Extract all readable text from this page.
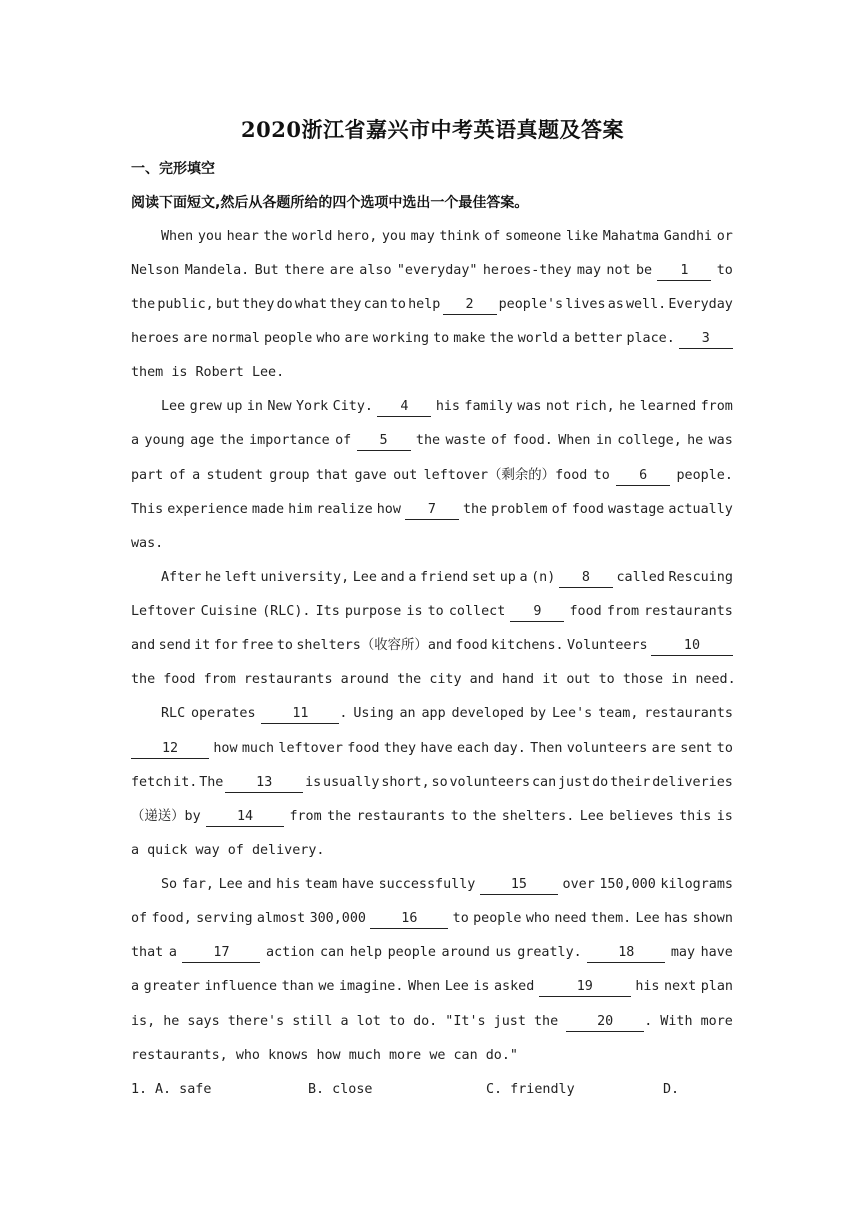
2020浙江省嘉兴市中考英语真题及答案
一、完形填空
阅读下面短文,然后从各题所给的四个选项中选出一个最佳答案。
When you hear the world hero, you may think of someone like Mahatma Gandhi or
Nelson Mandela. But there are also "everyday" heroes-they may not be	1	to
the public, but they do what they can to help	2	people's lives as well. Everyday
heroes are normal people who are working to make the world a better place.	3
them
is
Robert
Lee.
Lee grew up in New York City.	4	his family was not rich, he learned from
a young age the importance of	5	the waste of food. When in college, he was
part of a student group that gave out leftover（剩余的）food to	6	people.
This experience made him realize how	7	the problem of food wastage actually
was.
After he left university, Lee and a friend set up a (n)	8	called Rescuing
Leftover Cuisine (RLC). Its purpose is to collect	9	food from restaurants
and send it for free to shelters（收容所）and food kitchens. Volunteers	10
the
food
from
restaurants
around
the
city
and
hand
it
out
to
those
in
need.
RLC operates	11 . Using an app developed by Lee's team, restaurants
12	how much leftover food they have each day. Then volunteers are sent to
fetch it. The	13	is usually short, so volunteers can just do their deliveries
（递送）by	14	from the restaurants to the shelters. Lee believes this is
a
quick
way
of
delivery.
So far, Lee and his team have successfully	15	over 150,000 kilograms
of food, serving almost 300,000	16	to people who need them. Lee has shown
that a	17	action can help people around us greatly.	18	may have
a greater influence than we imagine. When Lee is asked	19	his next plan
is, he says there's still a lot to do. "It's just the	20 . With more
restaurants,
who
knows
how
much
more
we
can
do."
1. A. safe	B. close	C. friendly	D.
